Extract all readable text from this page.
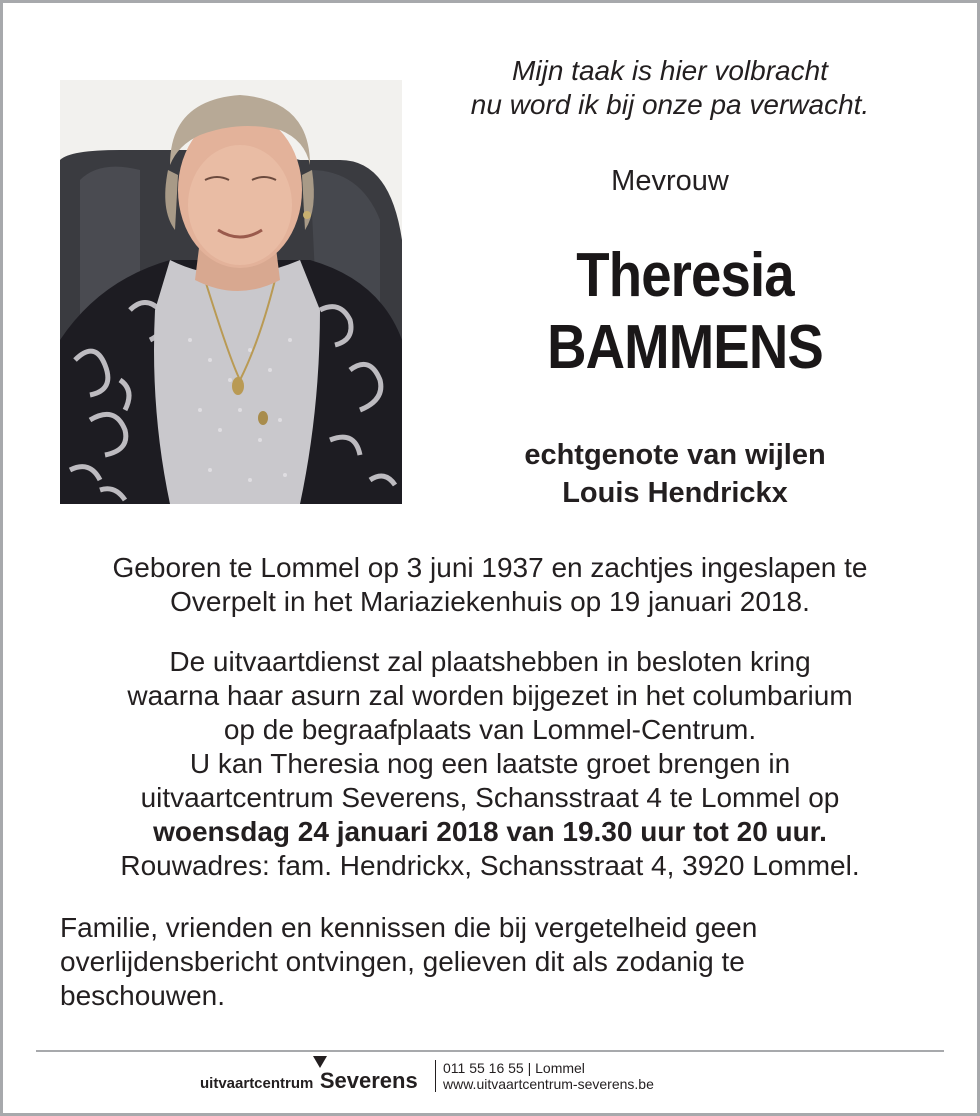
Mijn taak is hier volbracht
nu word ik bij onze pa verwacht.
Mevrouw
Theresia
BAMMENS
echtgenote van wijlen
Louis Hendrickx
Geboren te Lommel op 3 juni 1937 en zachtjes ingeslapen te
Overpelt in het Mariaziekenhuis op 19 januari 2018.
De uitvaartdienst zal plaatshebben in besloten kring
waarna haar asurn zal worden bijgezet in het columbarium
op de begraafplaats van Lommel-Centrum.
U kan Theresia nog een laatste groet brengen in
uitvaartcentrum Severens, Schansstraat 4 te Lommel op
woensdag 24 januari 2018 van 19.30 uur tot 20 uur.
Rouwadres: fam. Hendrickx, Schansstraat 4, 3920 Lommel.
Familie, vrienden en kennissen die bij vergetelheid geen
overlijdensbericht ontvingen, gelieven dit als zodanig te
beschouwen.
uitvaartcentrum Severens	011 55 16 55 | Lommel
www.uitvaartcentrum-severens.be
